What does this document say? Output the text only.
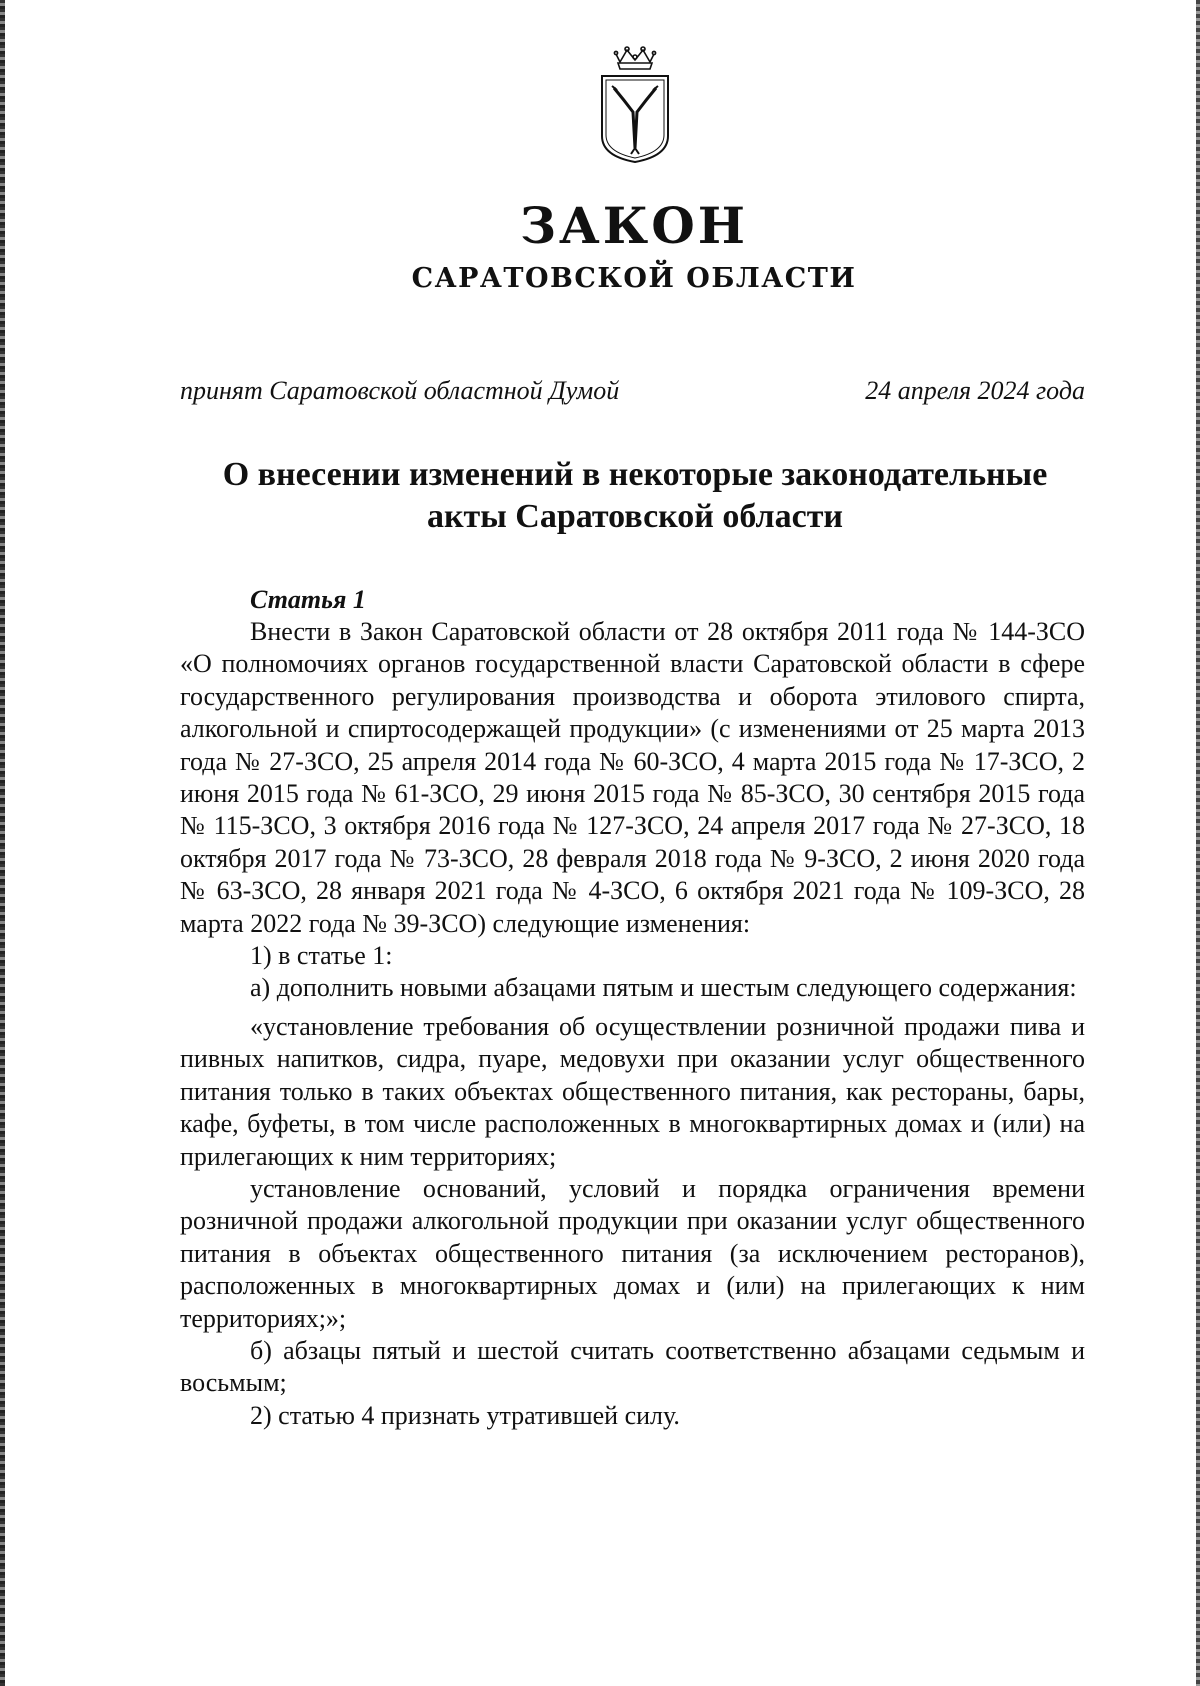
ЗАКОН
САРАТОВСКОЙ ОБЛАСТИ
принят Саратовской областной Думой	24 апреля 2024 года
О внесении изменений в некоторые законодательные
акты Саратовской области
Статья 1

Внести в Закон Саратовской области от 28 октября 2011 года № 144-ЗСО «О полномочиях органов государственной власти Саратовской области в сфере государственного регулирования производства и оборота этилового спирта, алкогольной и спиртосодержащей продукции» (с изменениями от 25 марта 2013 года № 27-ЗСО, 25 апреля 2014 года № 60-ЗСО, 4 марта 2015 года № 17-ЗСО, 2 июня 2015 года № 61-ЗСО, 29 июня 2015 года № 85-ЗСО, 30 сентября 2015 года № 115-ЗСО, 3 октября 2016 года № 127-ЗСО, 24 апреля 2017 года № 27-ЗСО, 18 октября 2017 года № 73-ЗСО, 28 февраля 2018 года № 9-ЗСО, 2 июня 2020 года № 63-ЗСО, 28 января 2021 года № 4-ЗСО, 6 октября 2021 года № 109-ЗСО, 28 марта 2022 года № 39-ЗСО) следующие изменения:

1) в статье 1:

а) дополнить новыми абзацами пятым и шестым следующего содержания:

«установление требования об осуществлении розничной продажи пива и пивных напитков, сидра, пуаре, медовухи при оказании услуг общественного питания только в таких объектах общественного питания, как рестораны, бары, кафе, буфеты, в том числе расположенных в многоквартирных домах и (или) на прилегающих к ним территориях;

установление оснований, условий и порядка ограничения времени розничной продажи алкогольной продукции при оказании услуг общественного питания в объектах общественного питания (за исключением ресторанов), расположенных в многоквартирных домах и (или) на прилегающих к ним территориях;»;

б) абзацы пятый и шестой считать соответственно абзацами седьмым и восьмым;

2) статью 4 признать утратившей силу.
